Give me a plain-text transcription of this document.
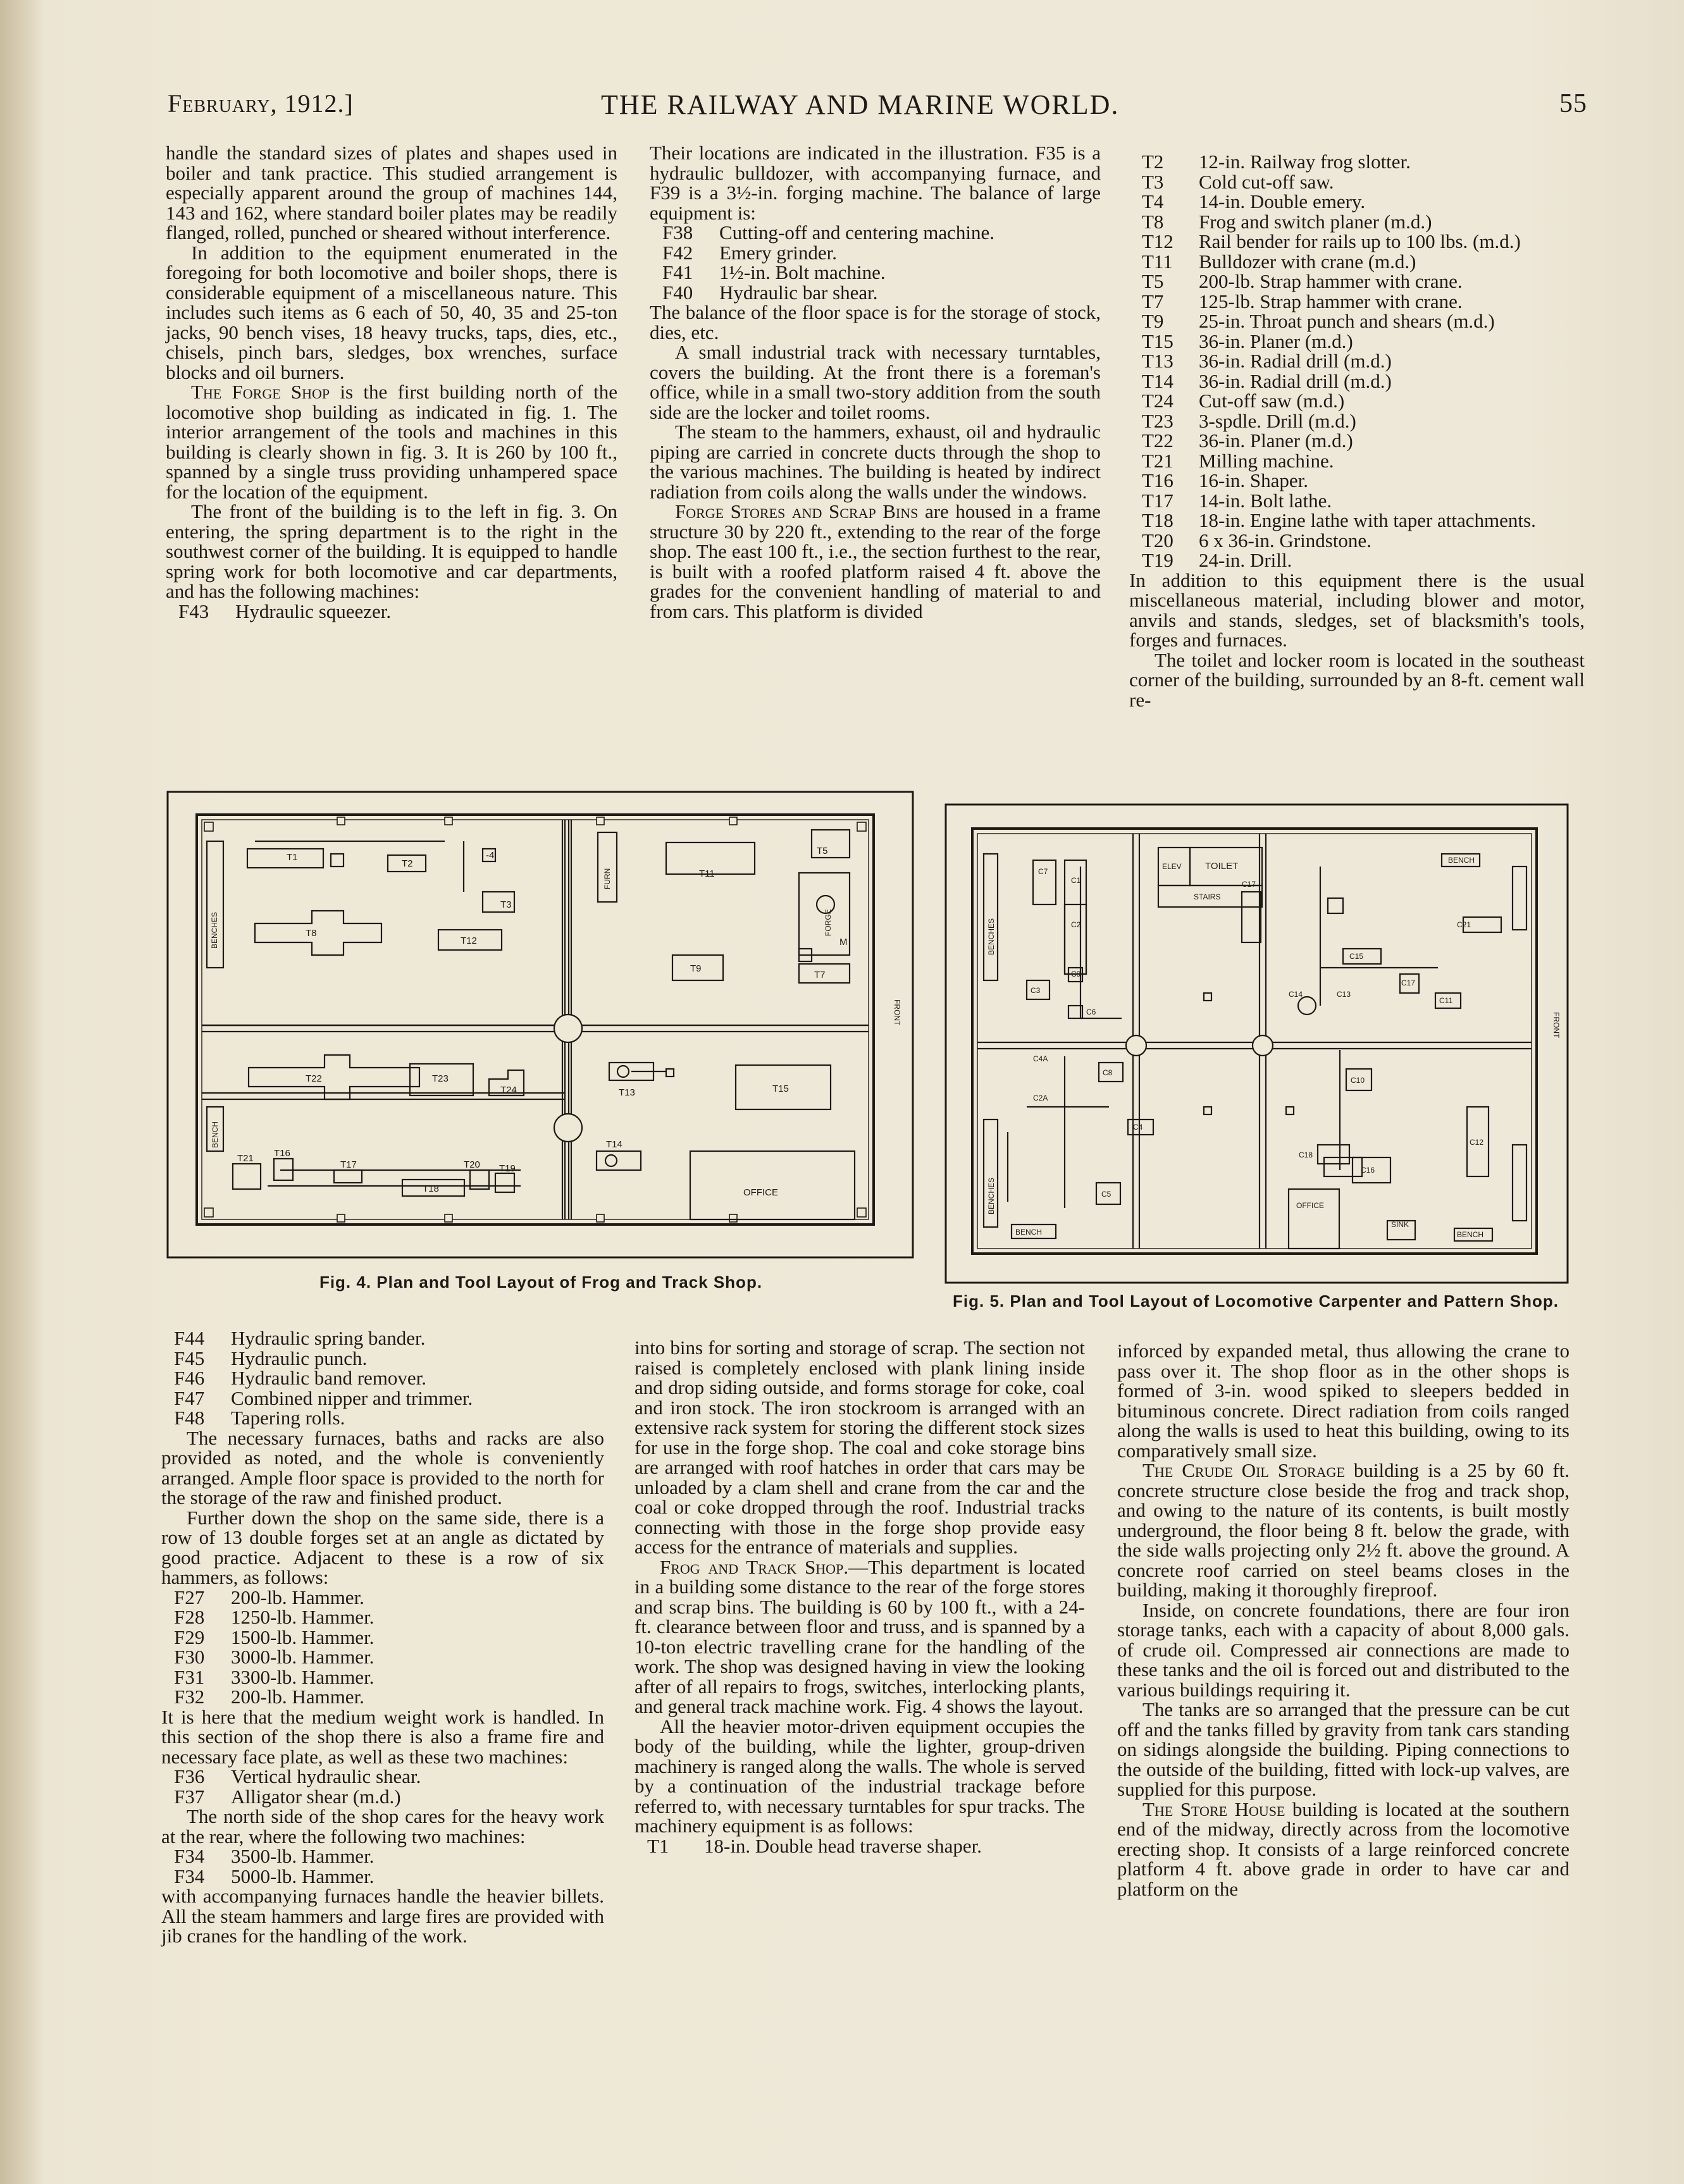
February, 1912.]	THE RAILWAY AND MARINE WORLD.	55

handle the standard sizes of plates and shapes used in boiler and tank practice. This studied arrangement is especially apparent around the group of machines 144, 143 and 162, where standard boiler plates may be readily flanged, rolled, punched or sheared without interference.

In addition to the equipment enumerated in the foregoing for both locomotive and boiler shops, there is considerable equipment of a miscellaneous nature. This includes such items as 6 each of 50, 40, 35 and 25-ton jacks, 90 bench vises, 18 heavy trucks, taps, dies, etc., chisels, pinch bars, sledges, box wrenches, surface blocks and oil burners.

The Forge Shop is the first building north of the locomotive shop building as indicated in fig. 1. The interior arrangement of the tools and machines in this building is clearly shown in fig. 3. It is 260 by 100 ft., spanned by a single truss providing unhampered space for the location of the equipment.

The front of the building is to the left in fig. 3. On entering, the spring department is to the right in the southwest corner of the building. It is equipped to handle spring work for both locomotive and car departments, and has the following machines:

F43	Hydraulic squeezer.

Their locations are indicated in the illustration. F35 is a hydraulic bulldozer, with accompanying furnace, and F39 is a 3½-in. forging machine. The balance of large equipment is:

F38	Cutting-off and centering machine.

F42	Emery grinder.

F41	1½-in. Bolt machine.

F40	Hydraulic bar shear.

The balance of the floor space is for the storage of stock, dies, etc.

A small industrial track with necessary turntables, covers the building. At the front there is a foreman's office, while in a small two-story addition from the south side are the locker and toilet rooms.

The steam to the hammers, exhaust, oil and hydraulic piping are carried in concrete ducts through the shop to the various machines. The building is heated by indirect radiation from coils along the walls under the windows.

Forge Stores and Scrap Bins are housed in a frame structure 30 by 220 ft., extending to the rear of the forge shop. The east 100 ft., i.e., the section furthest to the rear, is built with a roofed platform raised 4 ft. above the grades for the convenient handling of material to and from cars. This platform is divided

T2	12-in. Railway frog slotter.

T3	Cold cut-off saw.

T4	14-in. Double emery.

T8	Frog and switch planer (m.d.)

T12	Rail bender for rails up to 100 lbs. (m.d.)

T11	Bulldozer with crane (m.d.)

T5	200-lb. Strap hammer with crane.

T7	125-lb. Strap hammer with crane.

T9	25-in. Throat punch and shears (m.d.)

T15	36-in. Planer (m.d.)

T13	36-in. Radial drill (m.d.)

T14	36-in. Radial drill (m.d.)

T24	Cut-off saw (m.d.)

T23	3-spdle. Drill (m.d.)

T22	36-in. Planer (m.d.)

T21	Milling machine.

T16	16-in. Shaper.

T17	14-in. Bolt lathe.

T18	18-in. Engine lathe with taper attachments.

T20	6 x 36-in. Grindstone.

T19	24-in. Drill.

In addition to this equipment there is the usual miscellaneous material, including blower and motor, anvils and stands, sledges, set of blacksmith's tools, forges and furnaces.

The toilet and locker room is located in the southeast corner of the building, surrounded by an 8-ft. cement wall re-

T1
T2
-4
T3
T8
T12
T22	T23
T24
T21 T16
T17
T18
T20 T19
T11
T5
T9
T7
T13	T15
T14
OFFICE
M
BENCHES
BENCH
FURN
FORGE
FRONT
Fig. 4. Plan and Tool Layout of Frog and Track Shop.
C7
C1
C2
C3
C9
C6
C4A
C2A
C8
C4
C5
ELEV TOILET
STAIRS
C17
C15
C21
C17
C11
C14	C13
C10
C18
C16
C12
OFFICE
SINK
BENCH	BENCH
BENCH
BENCHES
BENCHES
FRONT
Fig. 5. Plan and Tool Layout of Locomotive Carpenter and Pattern Shop.

F44	Hydraulic spring bander.

F45	Hydraulic punch.

F46	Hydraulic band remover.

F47	Combined nipper and trimmer.

F48	Tapering rolls.

The necessary furnaces, baths and racks are also provided as noted, and the whole is conveniently arranged. Ample floor space is provided to the north for the storage of the raw and finished product.

Further down the shop on the same side, there is a row of 13 double forges set at an angle as dictated by good practice. Adjacent to these is a row of six hammers, as follows:

F27	200-lb. Hammer.

F28	1250-lb. Hammer.

F29	1500-lb. Hammer.

F30	3000-lb. Hammer.

F31	3300-lb. Hammer.

F32	200-lb. Hammer.

It is here that the medium weight work is handled. In this section of the shop there is also a frame fire and necessary face plate, as well as these two machines:

F36	Vertical hydraulic shear.

F37	Alligator shear (m.d.)

The north side of the shop cares for the heavy work at the rear, where the following two machines:

F34	3500-lb. Hammer.

F34	5000-lb. Hammer.

with accompanying furnaces handle the heavier billets. All the steam hammers and large fires are provided with jib cranes for the handling of the work.

into bins for sorting and storage of scrap. The section not raised is completely enclosed with plank lining inside and drop siding outside, and forms storage for coke, coal and iron stock. The iron stockroom is arranged with an extensive rack system for storing the different stock sizes for use in the forge shop. The coal and coke storage bins are arranged with roof hatches in order that cars may be unloaded by a clam shell and crane from the car and the coal or coke dropped through the roof. Industrial tracks connecting with those in the forge shop provide easy access for the entrance of materials and supplies.

Frog and Track Shop.—This department is located in a building some distance to the rear of the forge stores and scrap bins. The building is 60 by 100 ft., with a 24-ft. clearance between floor and truss, and is spanned by a 10-ton electric travelling crane for the handling of the work. The shop was designed having in view the looking after of all repairs to frogs, switches, interlocking plants, and general track machine work. Fig. 4 shows the layout.

All the heavier motor-driven equipment occupies the body of the building, while the lighter, group-driven machinery is ranged along the walls. The whole is served by a continuation of the industrial trackage before referred to, with necessary turntables for spur tracks. The machinery equipment is as follows:

T1	18-in. Double head traverse shaper.

inforced by expanded metal, thus allowing the crane to pass over it. The shop floor as in the other shops is formed of 3-in. wood spiked to sleepers bedded in bituminous concrete. Direct radiation from coils ranged along the walls is used to heat this building, owing to its comparatively small size.

The Crude Oil Storage building is a 25 by 60 ft. concrete structure close beside the frog and track shop, and owing to the nature of its contents, is built mostly underground, the floor being 8 ft. below the grade, with the side walls projecting only 2½ ft. above the ground. A concrete roof carried on steel beams closes in the building, making it thoroughly fireproof.

Inside, on concrete foundations, there are four iron storage tanks, each with a capacity of about 8,000 gals. of crude oil. Compressed air connections are made to these tanks and the oil is forced out and distributed to the various buildings requiring it.

The tanks are so arranged that the pressure can be cut off and the tanks filled by gravity from tank cars standing on sidings alongside the building. Piping connections to the outside of the building, fitted with lock-up valves, are supplied for this purpose.

The Store House building is located at the southern end of the midway, directly across from the locomotive erecting shop. It consists of a large reinforced concrete platform 4 ft. above grade in order to have car and platform on the
